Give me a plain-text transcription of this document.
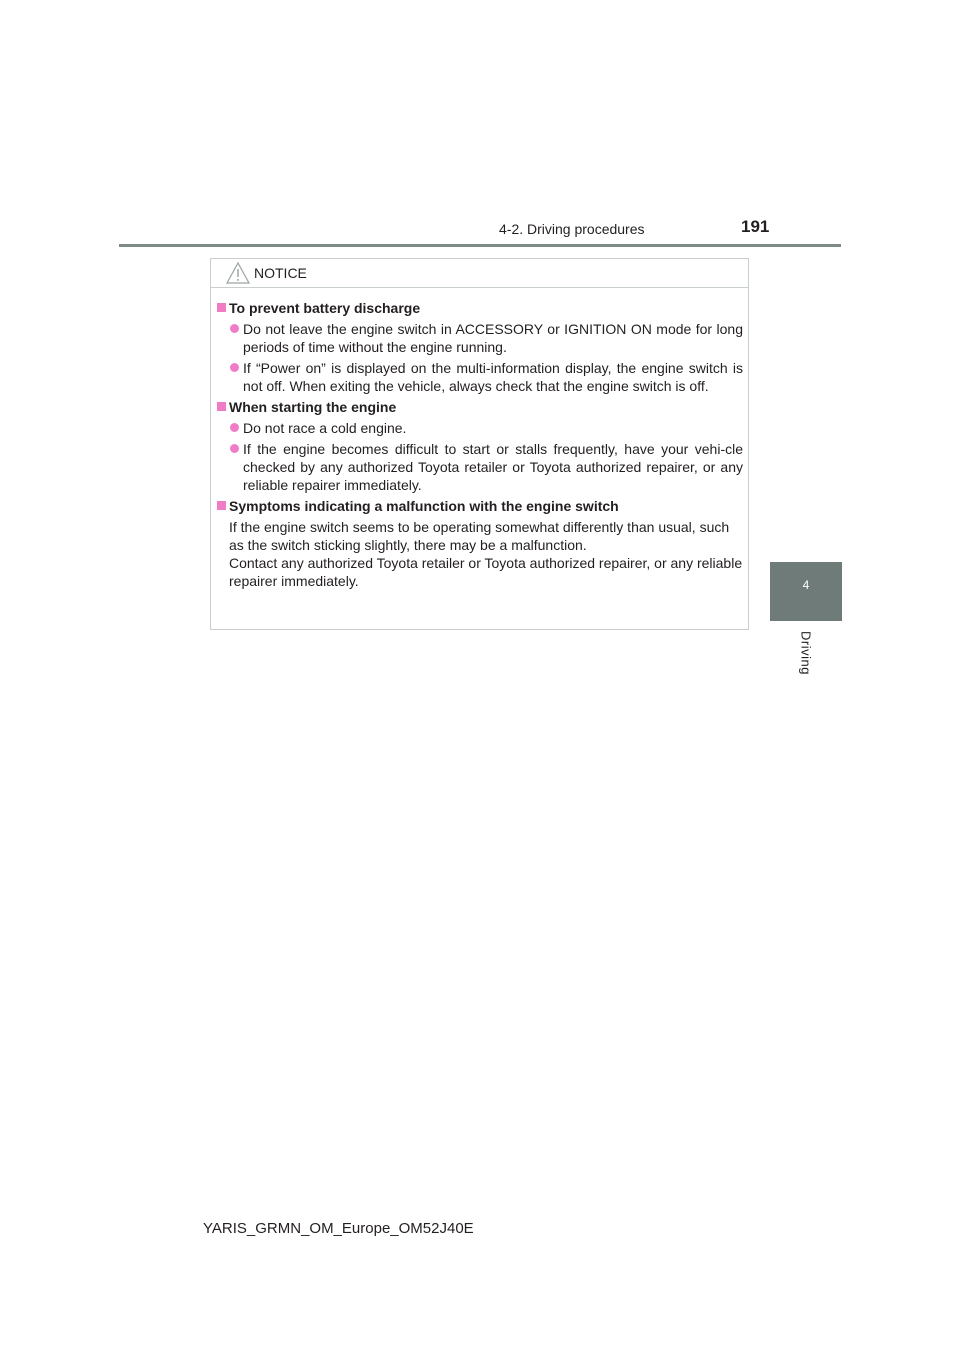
4-2. Driving procedures	191
4
Driving
NOTICE
To prevent battery discharge
Do not leave the engine switch in ACCESSORY or IGNITION ON mode for long periods of time without the engine running.
If “Power on” is displayed on the multi-information display, the engine switch is not off. When exiting the vehicle, always check that the engine switch is off.
When starting the engine
Do not race a cold engine.
If the engine becomes difficult to start or stalls frequently, have your vehi-cle checked by any authorized Toyota retailer or Toyota authorized repairer, or any reliable repairer immediately.
Symptoms indicating a malfunction with the engine switch

If the engine switch seems to be operating somewhat differently than usual, such as the switch sticking slightly, there may be a malfunction.

Contact any authorized Toyota retailer or Toyota authorized repairer, or any reliable repairer immediately.

YARIS_GRMN_OM_Europe_OM52J40E
